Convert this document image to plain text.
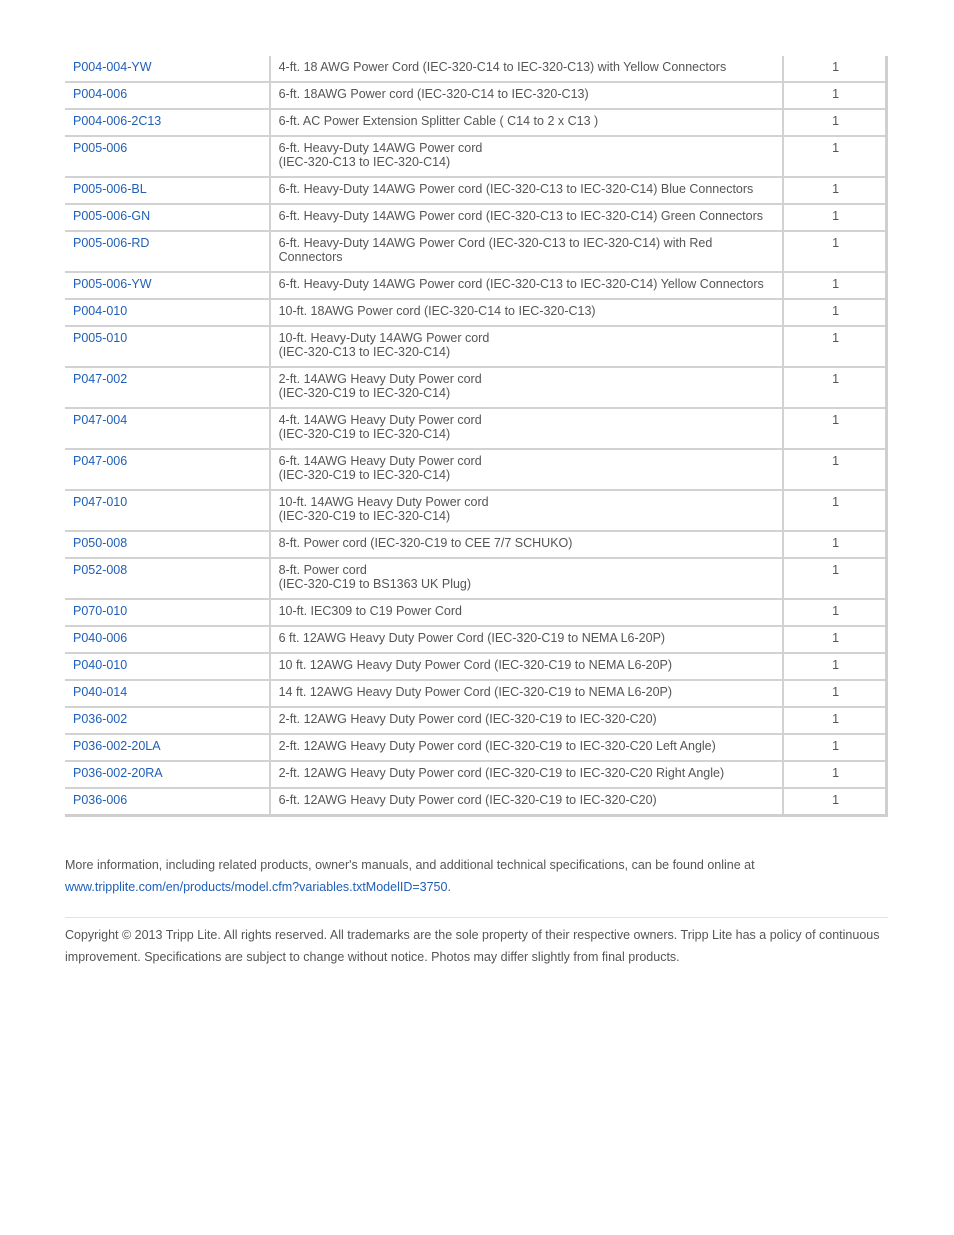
P004-004-YW	4-ft. 18 AWG Power Cord (IEC-320-C14 to IEC-320-C13) with Yellow Connectors	1
P004-006	6-ft. 18AWG Power cord (IEC-320-C14 to IEC-320-C13)	1
P004-006-2C13	6-ft. AC Power Extension Splitter Cable ( C14 to 2 x C13 )	1
P005-006	6-ft. Heavy-Duty 14AWG Power cord
(IEC-320-C13 to IEC-320-C14)	1
P005-006-BL	6-ft. Heavy-Duty 14AWG Power cord (IEC-320-C13 to IEC-320-C14) Blue Connectors	1
P005-006-GN	6-ft. Heavy-Duty 14AWG Power cord (IEC-320-C13 to IEC-320-C14) Green Connectors	1
P005-006-RD	6-ft. Heavy-Duty 14AWG Power Cord (IEC-320-C13 to IEC-320-C14) with Red
Connectors	1
P005-006-YW	6-ft. Heavy-Duty 14AWG Power cord (IEC-320-C13 to IEC-320-C14) Yellow Connectors	1
P004-010	10-ft. 18AWG Power cord (IEC-320-C14 to IEC-320-C13)	1
P005-010	10-ft. Heavy-Duty 14AWG Power cord
(IEC-320-C13 to IEC-320-C14)	1
P047-002	2-ft. 14AWG Heavy Duty Power cord
(IEC-320-C19 to IEC-320-C14)	1
P047-004	4-ft. 14AWG Heavy Duty Power cord
(IEC-320-C19 to IEC-320-C14)	1
P047-006	6-ft. 14AWG Heavy Duty Power cord
(IEC-320-C19 to IEC-320-C14)	1
P047-010	10-ft. 14AWG Heavy Duty Power cord
(IEC-320-C19 to IEC-320-C14)	1
P050-008	8-ft. Power cord (IEC-320-C19 to CEE 7/7 SCHUKO)	1
P052-008	8-ft. Power cord
(IEC-320-C19 to BS1363 UK Plug)	1
P070-010	10-ft. IEC309 to C19 Power Cord	1
P040-006	6 ft. 12AWG Heavy Duty Power Cord (IEC-320-C19 to NEMA L6-20P)	1
P040-010	10 ft. 12AWG Heavy Duty Power Cord (IEC-320-C19 to NEMA L6-20P)	1
P040-014	14 ft. 12AWG Heavy Duty Power Cord (IEC-320-C19 to NEMA L6-20P)	1
P036-002	2-ft. 12AWG Heavy Duty Power cord (IEC-320-C19 to IEC-320-C20)	1
P036-002-20LA	2-ft. 12AWG Heavy Duty Power cord (IEC-320-C19 to IEC-320-C20 Left Angle)	1
P036-002-20RA	2-ft. 12AWG Heavy Duty Power cord (IEC-320-C19 to IEC-320-C20 Right Angle)	1
P036-006	6-ft. 12AWG Heavy Duty Power cord (IEC-320-C19 to IEC-320-C20)	1
More information, including related products, owner's manuals, and additional technical specifications, can be found online at
www.tripplite.com/en/products/model.cfm?variables.txtModelID=3750.
Copyright © 2013 Tripp Lite. All rights reserved. All trademarks are the sole property of their respective owners. Tripp Lite has a policy of continuous improvement. Specifications are subject to change without notice. Photos may differ slightly from final products.
